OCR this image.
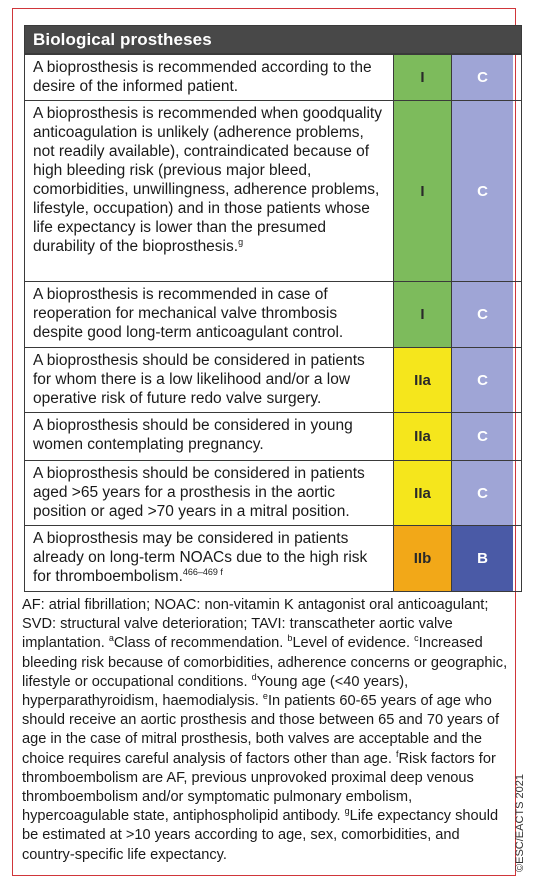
Biological prostheses
A bioprosthesis is recommended according to the desire of the informed patient.
I	C
A bioprosthesis is recommended when goodquality anticoagulation is unlikely (adherence problems, not readily available), contraindicated because of high bleeding risk (previous major bleed, comorbidities, unwillingness, adherence problems, lifestyle, occupation) and in those patients whose life expectancy is lower than the presumed durability of the bioprosthesis.$^g$
I	C
A bioprosthesis is recommended in case of reoperation for mechanical valve thrombosis despite good long-term anticoagulant control.
I	C
A bioprosthesis should be considered in patients for whom there is a low likelihood and/or a low operative risk of future redo valve surgery.
IIa	C
A bioprosthesis should be considered in young women contemplating pregnancy.	IIa	C
A bioprosthesis should be considered in patients aged >65 years for a prosthesis in the aortic position or aged >70 years in a mitral position.
IIa	C
A bioprosthesis may be considered in patients already on long-term NOACs due to the high risk for thromboembolism.$^{466-469 f}$
IIb	B
AF: atrial fibrillation; NOAC: non-vitamin K antagonist oral anticoagulant; SVD: structural valve deterioration; TAVI: transcatheter aortic valve implantation. $^a$Class of recommendation. $^b$Level of evidence. $^c$Increased bleeding risk because of comorbidities, adherence concerns or geographic, lifestyle or occupational conditions. $^d$Young age (<40 years), hyperparathyroidism, haemodialysis. $^e$In patients 60-65 years of age who should receive an aortic prosthesis and those between 65 and 70 years of age in the case of mitral prosthesis, both valves are acceptable and the choice requires careful analysis of factors other than age. $^f$Risk factors for thromboembolism are AF, previous unprovoked proximal deep venous thromboembolism and/or symptomatic pulmonary embolism, hypercoagulable state, antiphospholipid antibody. $^g$Life expectancy should be estimated at >10 years according to age, sex, comorbidities, and country-specific life expectancy.	©ESC/EACTS 2021
